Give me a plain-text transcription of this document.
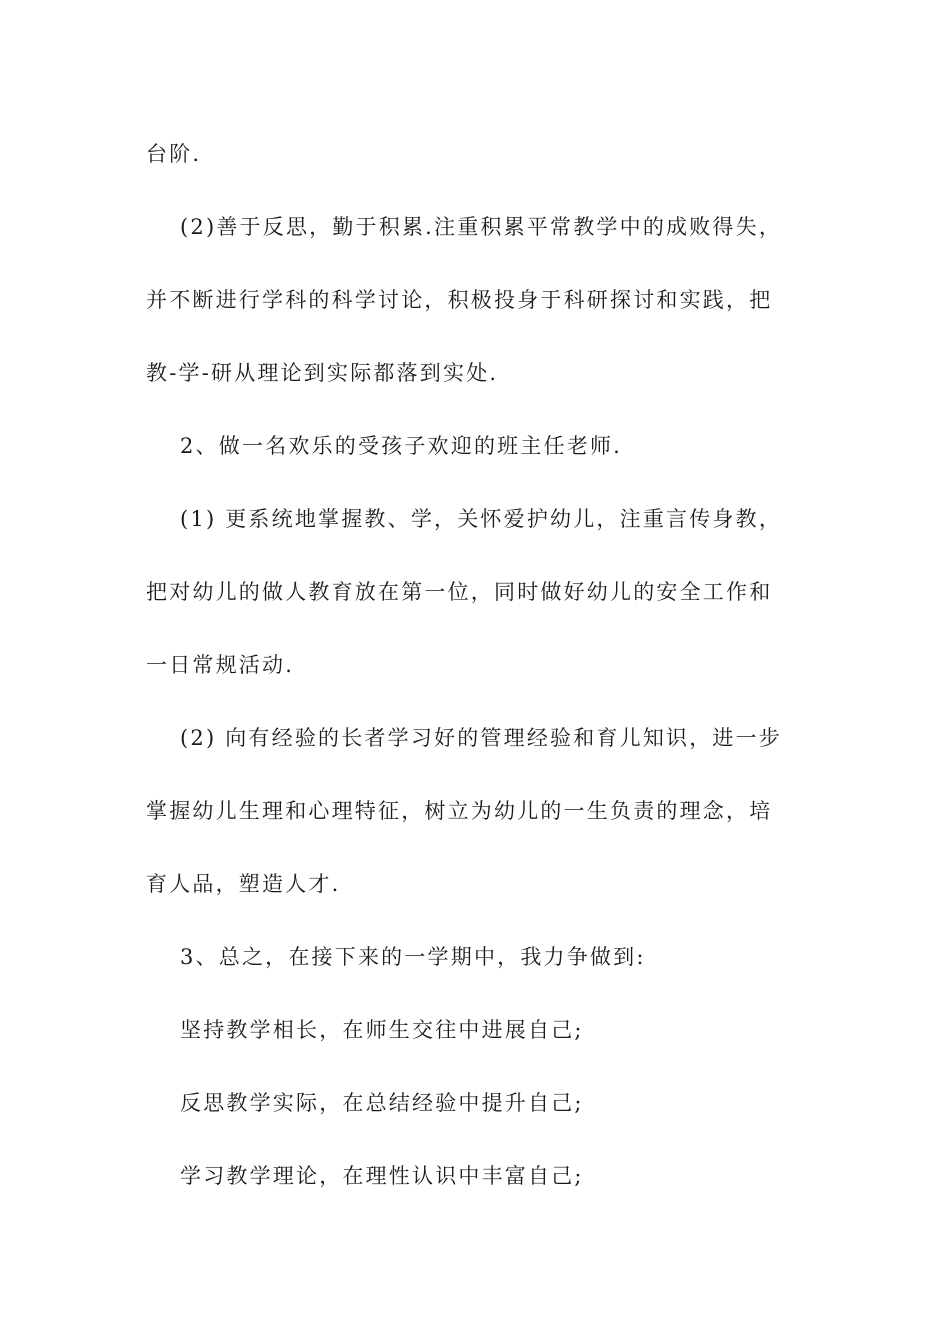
台阶.
(2)善于反思，勤于积累.注重积累平常教学中的成败得失，
并不断进行学科的科学讨论，积极投身于科研探讨和实践，把
教-学-研从理论到实际都落到实处.
2、做一名欢乐的受孩子欢迎的班主任老师.
(1) 更系统地掌握教、学，关怀爱护幼儿，注重言传身教，
把对幼儿的做人教育放在第一位，同时做好幼儿的安全工作和
一日常规活动.
(2) 向有经验的长者学习好的管理经验和育儿知识，进一步
掌握幼儿生理和心理特征，树立为幼儿的一生负责的理念，培
育人品，塑造人才.
3、总之，在接下来的一学期中，我力争做到:
坚持教学相长，在师生交往中进展自己;
反思教学实际，在总结经验中提升自己;
学习教学理论，在理性认识中丰富自己;
